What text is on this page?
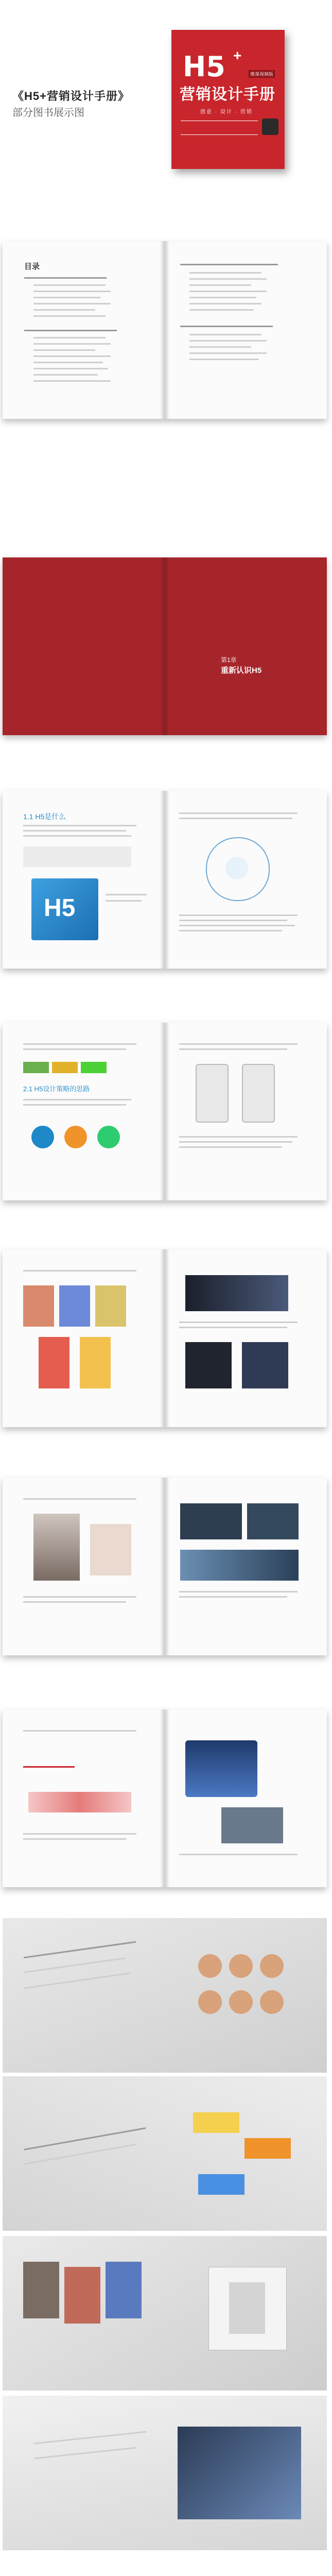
《H5+营销设计手册》
部分图书展示图
H5 +
微课视频版
营销设计手册
创意 · 设计 · 营销
目录
第1章
重新认识H5
1.1 H5是什么
H5
2.1 H5设计策略的思路
